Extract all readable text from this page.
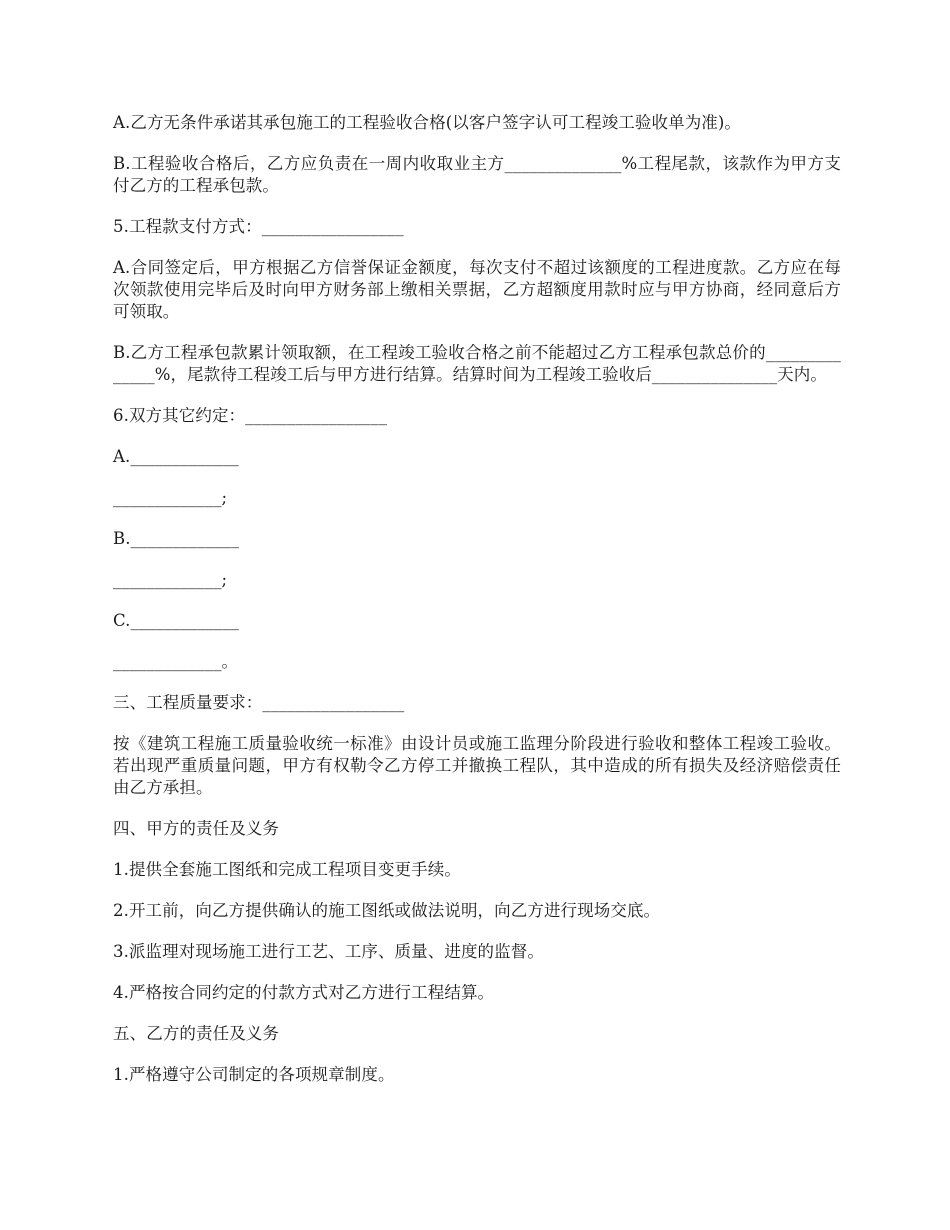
A.乙方无条件承诺其承包施工的工程验收合格(以客户签字认可工程竣工验收单为准)。

B.工程验收合格后，乙方应负责在一周内收取业主方______________%工程尾款，该款作为甲方支付乙方的工程承包款。

5.工程款支付方式：_________________

A.合同签定后，甲方根据乙方信誉保证金额度，每次支付不超过该额度的工程进度款。乙方应在每次领款使用完毕后及时向甲方财务部上缴相关票据，乙方超额度用款时应与甲方协商，经同意后方可领取。

B.乙方工程承包款累计领取额，在工程竣工验收合格之前不能超过乙方工程承包款总价的______________%，尾款待工程竣工后与甲方进行结算。结算时间为工程竣工验收后_______________天内。

6.双方其它约定：_________________

A._____________

_____________;

B._____________

_____________;

C._____________

_____________。

三、工程质量要求：_________________

按《建筑工程施工质量验收统一标准》由设计员或施工监理分阶段进行验收和整体工程竣工验收。若出现严重质量问题，甲方有权勒令乙方停工并撤换工程队，其中造成的所有损失及经济赔偿责任由乙方承担。

四、甲方的责任及义务

1.提供全套施工图纸和完成工程项目变更手续。

2.开工前，向乙方提供确认的施工图纸或做法说明，向乙方进行现场交底。

3.派监理对现场施工进行工艺、工序、质量、进度的监督。

4.严格按合同约定的付款方式对乙方进行工程结算。

五、乙方的责任及义务

1.严格遵守公司制定的各项规章制度。
